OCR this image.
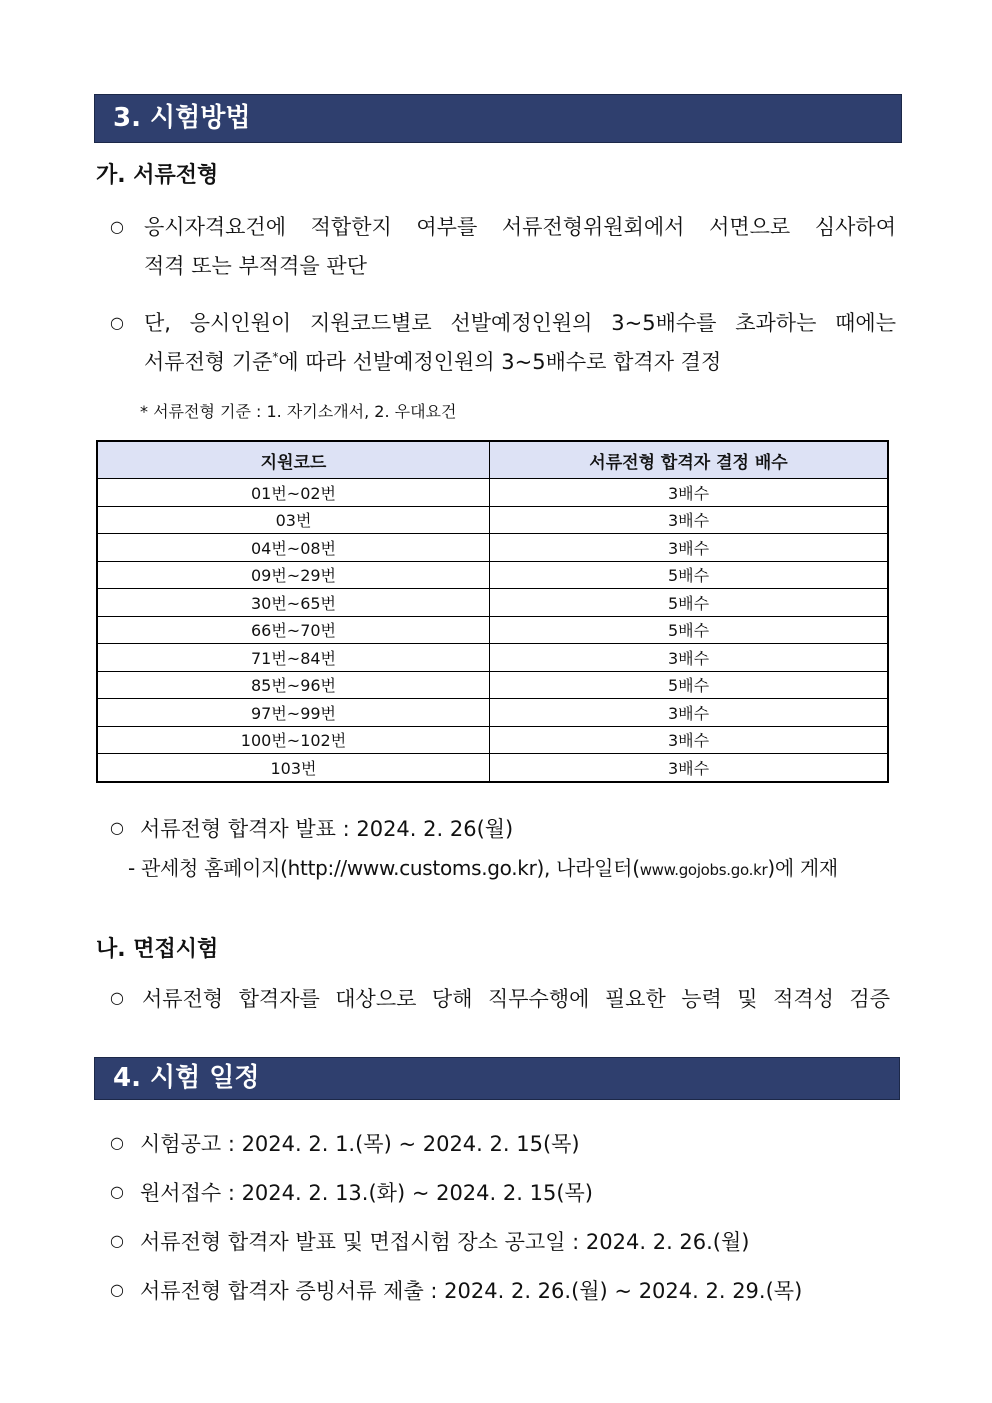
3. 시험방법
가. 서류전형
○ 응시자격요건에 적합한지 여부를 서류전형위원회에서 서면으로 심사하여
적격 또는 부적격을 판단
○ 단, 응시인원이 지원코드별로 선발예정인원의 3~5배수를 초과하는 때에는
서류전형 기준*에 따라 선발예정인원의 3~5배수로 합격자 결정
* 서류전형 기준 : 1. 자기소개서, 2. 우대요건
지원코드	서류전형 합격자 결정 배수
01번~02번	3배수
03번	3배수
04번~08번	3배수
09번~29번	5배수
30번~65번	5배수
66번~70번	5배수
71번~84번	3배수
85번~96번	5배수
97번~99번	3배수
100번~102번	3배수
103번	3배수
○ 서류전형 합격자 발표 : 2024. 2. 26(월)
- 관세청 홈페이지(http://www.customs.go.kr), 나라일터(www.gojobs.go.kr)에 게재
나. 면접시험
○ 서류전형 합격자를 대상으로 당해 직무수행에 필요한 능력 및 적격성 검증
4. 시험 일정
○ 시험공고 : 2024. 2. 1.(목) ~ 2024. 2. 15(목)
○ 원서접수 : 2024. 2. 13.(화) ~ 2024. 2. 15(목)
○ 서류전형 합격자 발표 및 면접시험 장소 공고일 : 2024. 2. 26.(월)
○ 서류전형 합격자 증빙서류 제출 : 2024. 2. 26.(월) ~ 2024. 2. 29.(목)
